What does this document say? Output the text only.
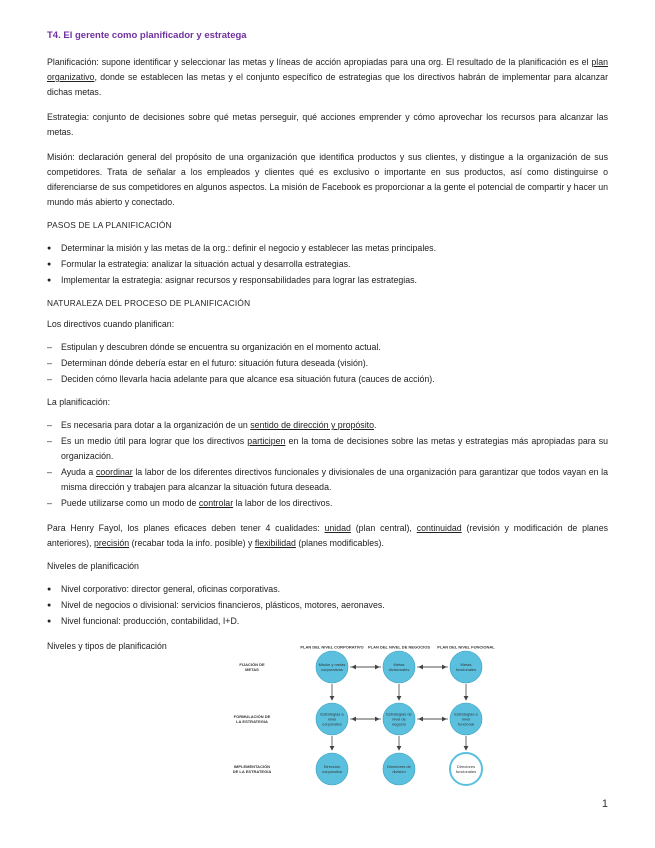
T4. El gerente como planificador y estratega

Planificación: supone identificar y seleccionar las metas y líneas de acción apropiadas para una org. El resultado de la planificación es el plan organizativo, donde se establecen las metas y el conjunto específico de estrategias que los directivos habrán de implementar para alcanzar dichas metas.

Estrategia: conjunto de decisiones sobre qué metas perseguir, qué acciones emprender y cómo aprovechar los recursos para alcanzar las metas.

Misión: declaración general del propósito de una organización que identifica productos y sus clientes, y distingue a la organización de sus competidores. Trata de señalar a los empleados y clientes qué es exclusivo o importante en sus productos, así como distinguirse o diferenciarse de sus competidores en algunos aspectos. La misión de Facebook es proporcionar a la gente el potencial de compartir y hacer un mundo más abierto y conectado.

PASOS DE LA PLANIFICACIÓN
● Determinar la misión y las metas de la org.: definir el negocio y establecer las metas principales.
● Formular la estrategia: analizar la situación actual y desarrolla estrategias.
● Implementar la estrategia: asignar recursos y responsabilidades para lograr las estrategias.
NATURALEZA DEL PROCESO DE PLANIFICACIÓN
Los directivos cuando planifican:
– Estipulan y descubren dónde se encuentra su organización en el momento actual.
– Determinan dónde debería estar en el futuro: situación futura deseada (visión).
– Deciden cómo llevarla hacia adelante para que alcance esa situación futura (cauces de acción).
La planificación:
– Es necesaria para dotar a la organización de un sentido de dirección y propósito.
– Es un medio útil para lograr que los directivos participen en la toma de decisiones sobre las metas y estrategias más apropiadas para su organización.
– Ayuda a coordinar la labor de los diferentes directivos funcionales y divisionales de una organización para garantizar que todos vayan en la misma dirección y trabajen para alcanzar la situación futura deseada.
– Puede utilizarse como un modo de controlar la labor de los directivos.

Para Henry Fayol, los planes eficaces deben tener 4 cualidades: unidad (plan central), continuidad (revisión y modificación de planes anteriores), precisión (recabar toda la info. posible) y flexibilidad (planes modificables).

Niveles de planificación
● Nivel corporativo: director general, oficinas corporativas.
● Nivel de negocios o divisional: servicios financieros, plásticos, motores, aeronaves.
● Nivel funcional: producción, contabilidad, I+D.
Niveles y tipos de planificación	PLAN DEL NIVEL CORPORATIVO PLAN DEL NIVEL DE NEGOCIOS PLAN DEL NIVEL FUNCIONAL
FIJACIÓN DE
METAS
FORMULACIÓN DE
LA ESTRATEGIA
IMPLEMENTACIÓN
DE LA ESTRATEGIA
Misión y metas
corporativas
Metas
divisionales
Metas
funcionales
Estrategias a
nivel
corporativo
Estrategias de
nivel de
negocio
Estrategias a
nivel
funcional
Dirección
corporativa
Directores de
división
Directores
funcionales
1
